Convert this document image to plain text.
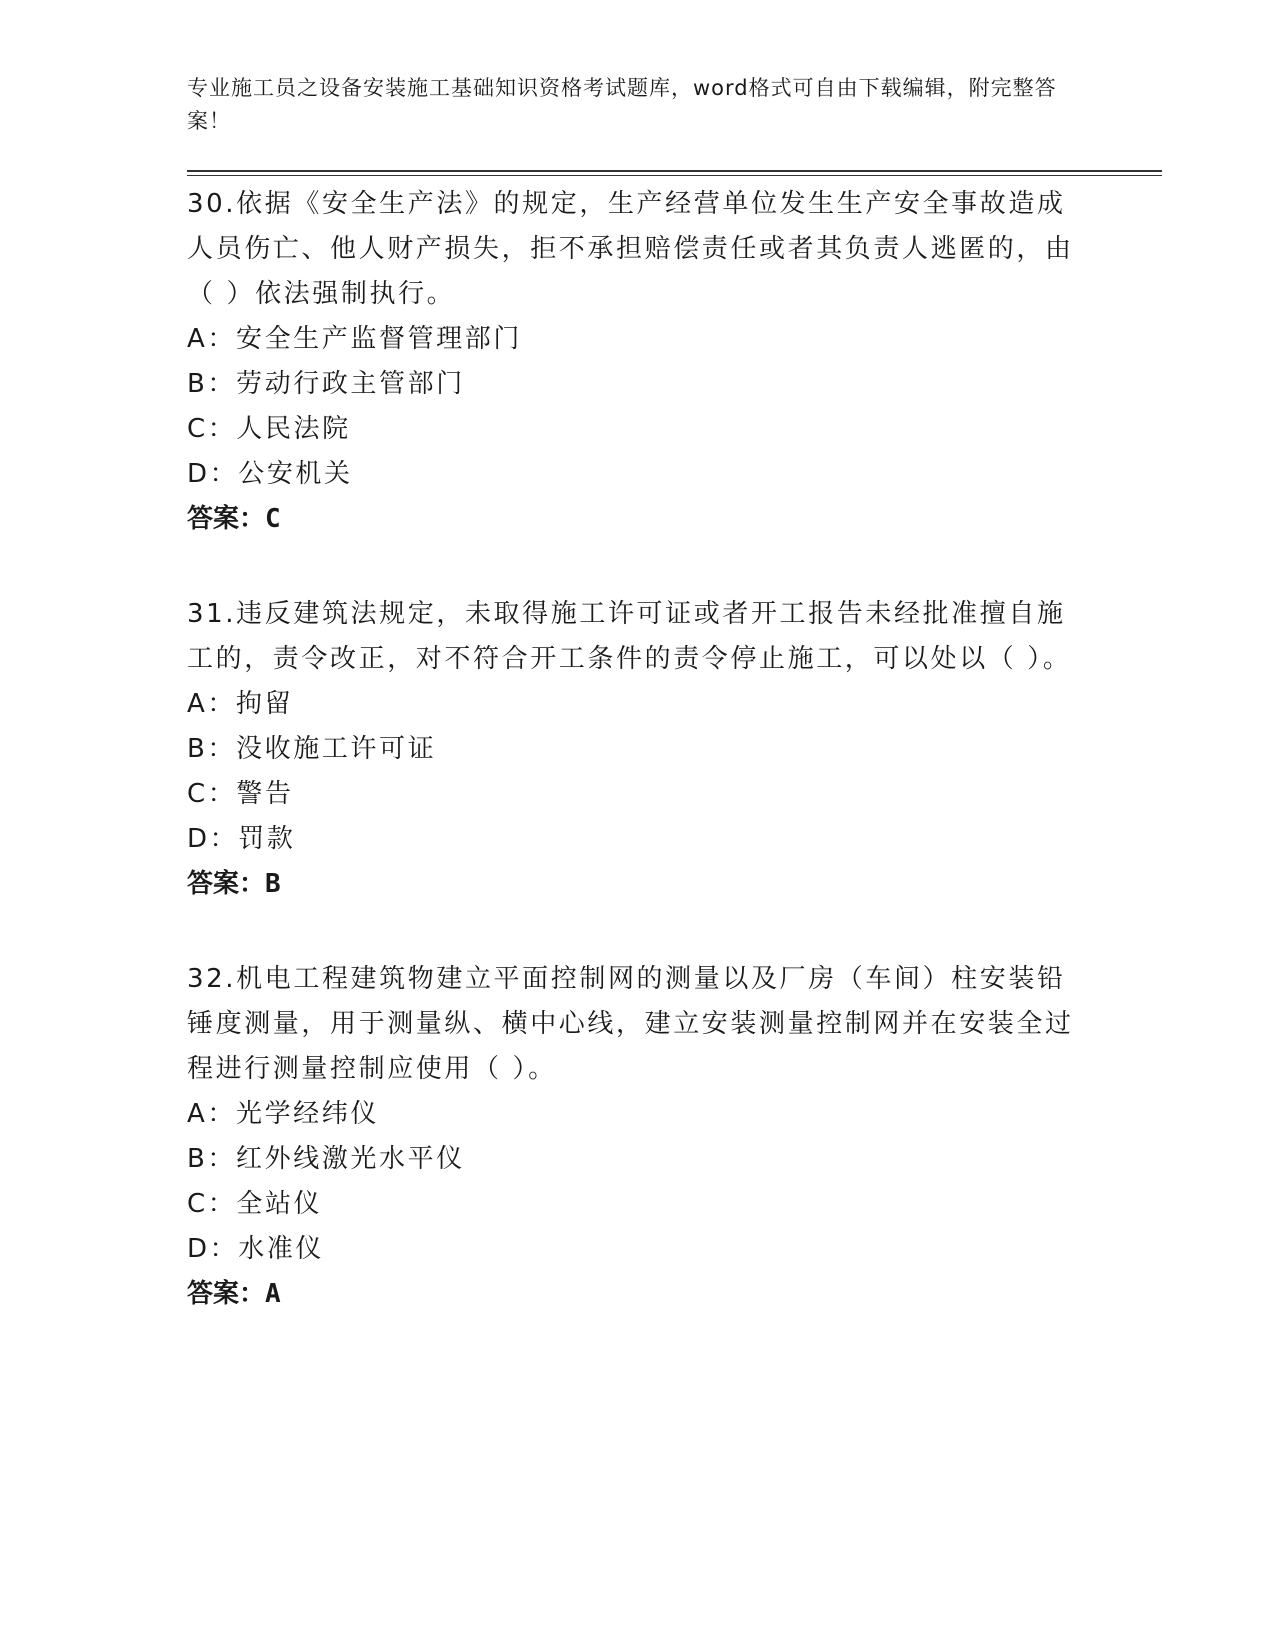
专业施工员之设备安装施工基础知识资格考试题库，word格式可自由下载编辑，附完整答案！

30.依据《安全生产法》的规定，生产经营单位发生生产安全事故造成人员伤亡、他人财产损失，拒不承担赔偿责任或者其负责人逃匿的，由（ ）依法强制执行。

A：安全生产监督管理部门

B：劳动行政主管部门

C：人民法院

D：公安机关

答案：C

31.违反建筑法规定，未取得施工许可证或者开工报告未经批准擅自施工的，责令改正，对不符合开工条件的责令停止施工，可以处以（ ）。

A：拘留

B：没收施工许可证

C：警告

D：罚款

答案：B

32.机电工程建筑物建立平面控制网的测量以及厂房（车间）柱安装铅锤度测量，用于测量纵、横中心线，建立安装测量控制网并在安装全过程进行测量控制应使用（ ）。

A：光学经纬仪

B：红外线激光水平仪

C：全站仪

D：水准仪

答案：A
